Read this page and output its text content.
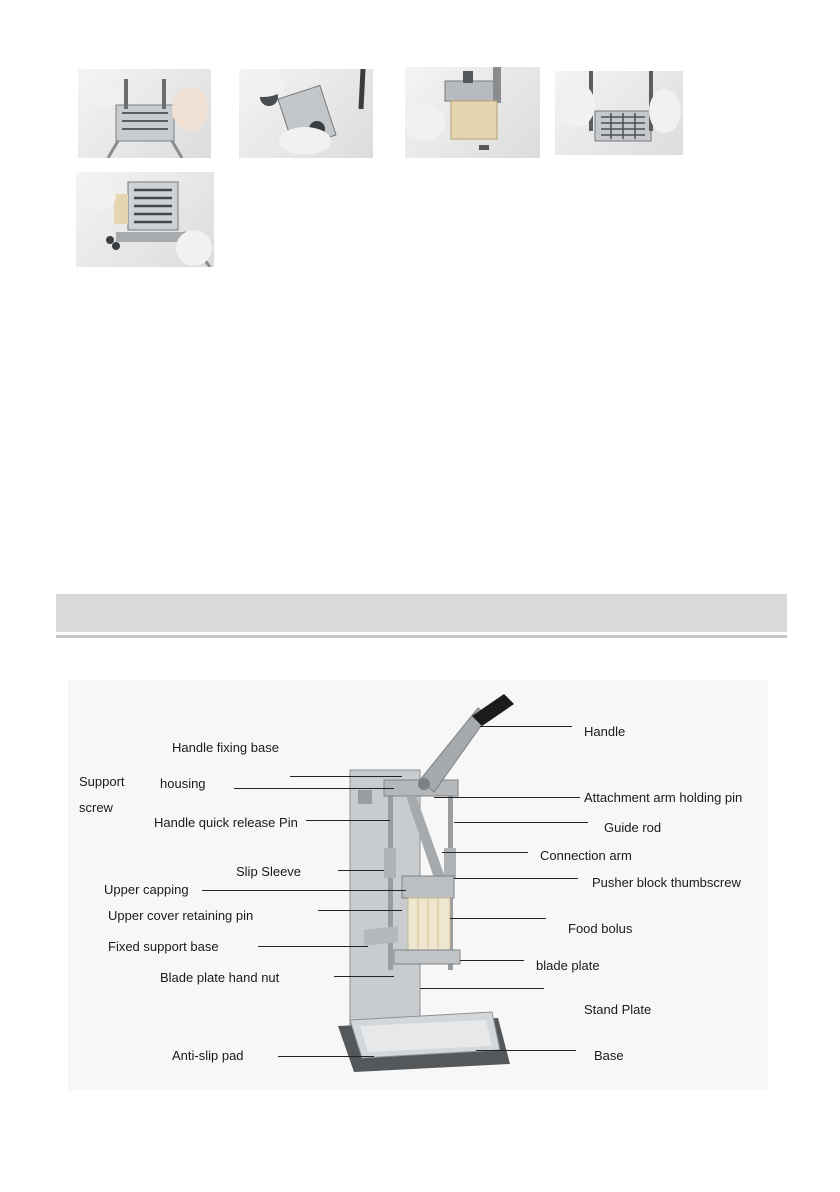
Handle
Handle fixing base
Support
screw
housing
Attachment arm holding pin
Handle quick release Pin	Guide rod
Connection arm
Slip Sleeve
Upper capping	Pusher block thumbscrew
Upper cover retaining pin
Food bolus
Fixed support base
blade plate
Blade plate hand nut
Stand Plate
Anti-slip pad	Base
